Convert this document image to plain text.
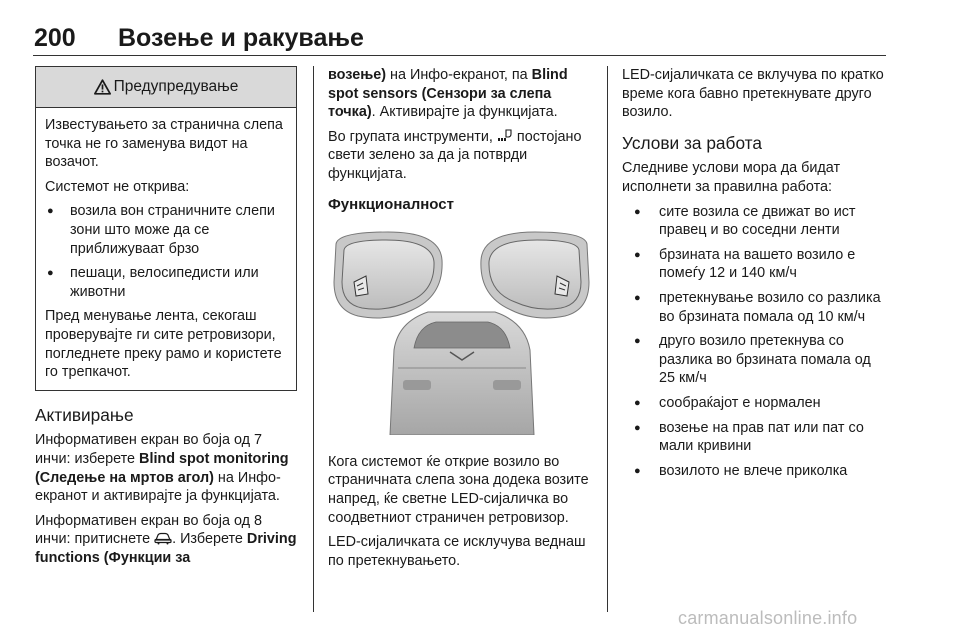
200 Возење и ракување
Предупредување

Известувањето за странична слепа точка не го заменува видот на возачот.

Системот не открива:

● возила вон страничните слепи зони што може да се приближуваат брзо
● пешаци, велосипедисти или животни

Пред менување лента, секогаш проверувајте ги сите ретровизори, погледнете преку рамо и користете го трепкачот.

Активирање

Информативен екран во боја од 7 инчи: изберете Blind spot monitoring (Следење на мртов агол) на Инфо-екранот и активирајте ја функцијата.

Информативен екран во боја од 8 инчи: притиснете . Изберете Driving functions (Функции за

возење) на Инфо-екранот, па Blind spot sensors (Сензори за слепа точка). Активирајте ја функцијата.

Во групата инструменти,  постојано свети зелено за да ја потврди функцијата.

Функционалност

Кога системот ќе открие возило во страничната слепа зона додека возите напред, ќе светне LED-сијаличка во соодветниот страничен ретровизор.

LED-сијаличката се исклучува веднаш по претекнувањето.

LED-сијаличката се вклучува по кратко време кога бавно претекнувате друго возило.

Услови за работа

Следниве услови мора да бидат исполнети за правилна работа:

● сите возила се движат во ист правец и во соседни ленти
● брзината на вашето возило е помеѓу 12 и 140 км/ч
● претекнување возило со разлика во брзината помала од 10 км/ч
● друго возило претекнува со разлика во брзината помала од 25 км/ч
● сообраќајот е нормален
● возење на прав пат или пат со мали кривини
● возилото не влече приколка
carmanualsonline.info
